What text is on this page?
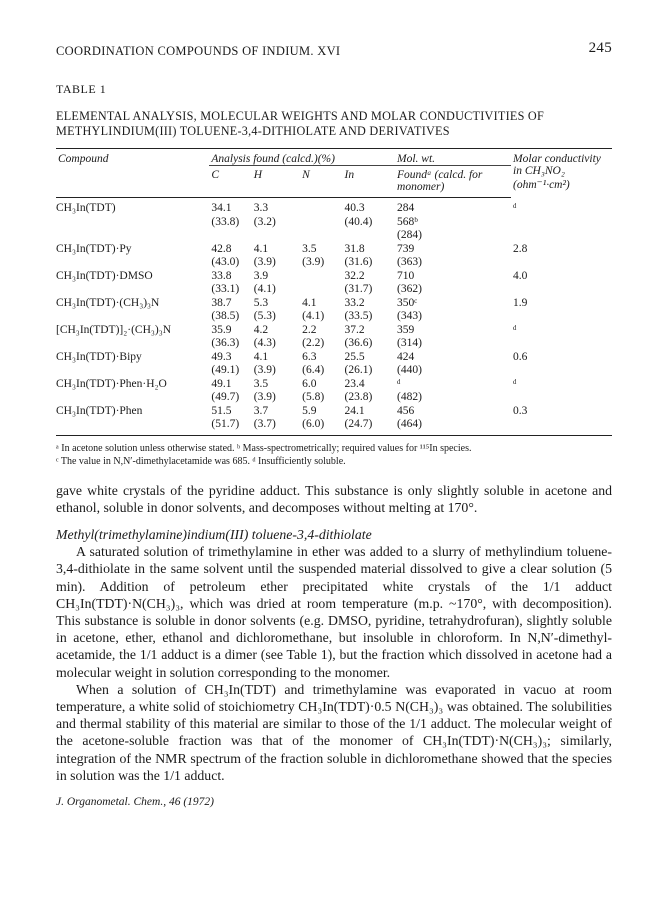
COORDINATION COMPOUNDS OF INDIUM. XVI	245
TABLE 1
ELEMENTAL ANALYSIS, MOLECULAR WEIGHTS AND MOLAR CONDUCTIVITIES OF METHYLINDIUM(III) TOLUENE-3,4-DITHIOLATE AND DERIVATIVES
Compound	Analysis found (calcd.)(%)				Mol. wt.	Molar conductivity in CH₃NO₂ (ohm⁻¹·cm²)
	C	H	N	In	Foundᵃ (calcd. for monomer)	
CH₃In(TDT)	34.1	3.3		40.3	284	ᵈ
	(33.8)	(3.2)		(40.4)	568ᵇ	
					(284)	
CH₃In(TDT)·Py	42.8	4.1	3.5	31.8	739	2.8
	(43.0)	(3.9)	(3.9)	(31.6)	(363)	
CH₃In(TDT)·DMSO	33.8	3.9		32.2	710	4.0
	(33.1)	(4.1)		(31.7)	(362)	
CH₃In(TDT)·(CH₃)₃N	38.7	5.3	4.1	33.2	350ᶜ	1.9
	(38.5)	(5.3)	(4.1)	(33.5)	(343)	
[CH₃In(TDT)]₂·(CH₃)₃N	35.9	4.2	2.2	37.2	359	ᵈ
	(36.3)	(4.3)	(2.2)	(36.6)	(314)	
CH₃In(TDT)·Bipy	49.3	4.1	6.3	25.5	424	0.6
	(49.1)	(3.9)	(6.4)	(26.1)	(440)	
CH₃In(TDT)·Phen·H₂O	49.1	3.5	6.0	23.4	ᵈ	ᵈ
	(49.7)	(3.9)	(5.8)	(23.8)	(482)	
CH₃In(TDT)·Phen	51.5	3.7	5.9	24.1	456	0.3
	(51.7)	(3.7)	(6.0)	(24.7)	(464)	
ᵃ In acetone solution unless otherwise stated. ᵇ Mass-spectrometrically; required values for ¹¹⁵In species.
ᶜ The value in N,N′-dimethylacetamide was 685. ᵈ Insufficiently soluble.

gave white crystals of the pyridine adduct. This substance is only slightly soluble in acetone and ethanol, soluble in donor solvents, and decomposes without melting at 170°.

Methyl(trimethylamine)indium(III) toluene-3,4-dithiolate

A saturated solution of trimethylamine in ether was added to a slurry of methylindium toluene-3,4-dithiolate in the same solvent until the suspended material dissolved to give a clear solution (5 min). Addition of petroleum ether precipitated white crystals of the 1/1 adduct CH₃In(TDT)·N(CH₃)₃, which was dried at room temperature (m.p. ~170°, with decomposition). This substance is soluble in donor solvents (e.g. DMSO, pyridine, tetrahydrofuran), slightly soluble in acetone, ether, ethanol and dichloromethane, but insoluble in chloroform. In N,N′-dimethyl-acetamide, the 1/1 adduct is a dimer (see Table 1), but the fraction which dissolved in acetone had a molecular weight in solution corresponding to the monomer.

When a solution of CH₃In(TDT) and trimethylamine was evaporated in vacuo at room temperature, a white solid of stoichiometry CH₃In(TDT)·0.5 N(CH₃)₃ was obtained. The solubilities and thermal stability of this material are similar to those of the 1/1 adduct. The molecular weight of the acetone-soluble fraction was that of the monomer of CH₃In(TDT)·N(CH₃)₃; similarly, integration of the NMR spectrum of the fraction soluble in dichloromethane showed that the species in solution was the 1/1 adduct.

J. Organometal. Chem., 46 (1972)
